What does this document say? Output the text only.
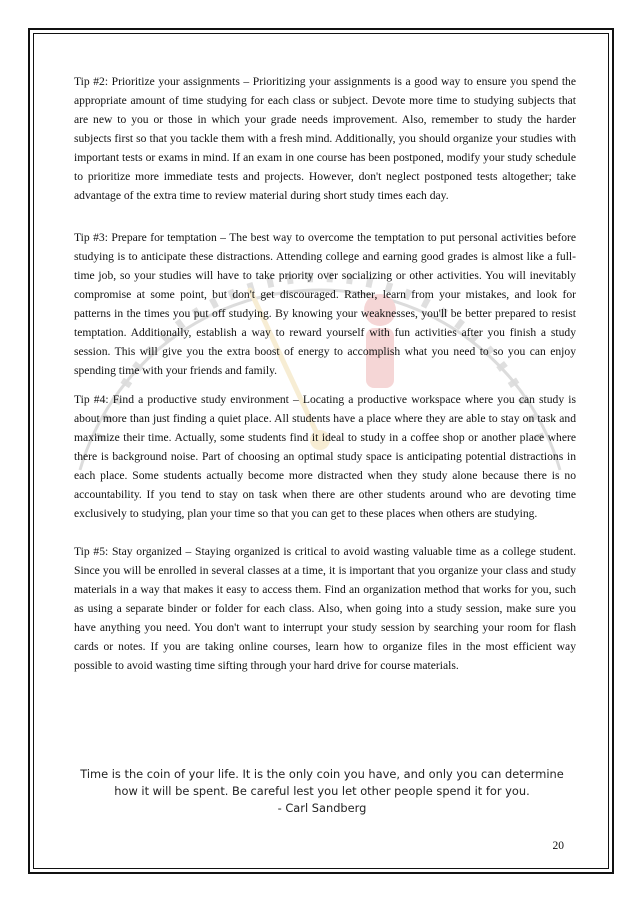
Tip #2: Prioritize your assignments – Prioritizing your assignments is a good way to ensure you spend the appropriate amount of time studying for each class or subject. Devote more time to studying subjects that are new to you or those in which your grade needs improvement. Also, remember to study the harder subjects first so that you tackle them with a fresh mind. Additionally, you should organize your studies with important tests or exams in mind. If an exam in one course has been postponed, modify your study schedule to prioritize more immediate tests and projects. However, don't neglect postponed tests altogether; take advantage of the extra time to review material during short study times each day.

Tip #3: Prepare for temptation – The best way to overcome the temptation to put personal activities before studying is to anticipate these distractions. Attending college and earning good grades is almost like a full-time job, so your studies will have to take priority over socializing or other activities. You will inevitably compromise at some point, but don't get discouraged. Rather, learn from your mistakes, and look for patterns in the times you put off studying. By knowing your weaknesses, you'll be better prepared to resist temptation. Additionally, establish a way to reward yourself with fun activities after you finish a study session. This will give you the extra boost of energy to accomplish what you need to so you can enjoy spending time with your friends and family.

Tip #4: Find a productive study environment – Locating a productive workspace where you can study is about more than just finding a quiet place. All students have a place where they are able to stay on task and maximize their time. Actually, some students find it ideal to study in a coffee shop or another place where there is background noise. Part of choosing an optimal study space is anticipating potential distractions in each place. Some students actually become more distracted when they study alone because there is no accountability. If you tend to stay on task when there are other students around who are devoting time exclusively to studying, plan your time so that you can get to these places when others are studying.

Tip #5: Stay organized – Staying organized is critical to avoid wasting valuable time as a college student. Since you will be enrolled in several classes at a time, it is important that you organize your class and study materials in a way that makes it easy to access them. Find an organization method that works for you, such as using a separate binder or folder for each class. Also, when going into a study session, make sure you have anything you need. You don't want to interrupt your study session by searching your room for flash cards or notes. If you are taking online courses, learn how to organize files in the most efficient way possible to avoid wasting time sifting through your hard drive for course materials.

Time is the coin of your life. It is the only coin you have, and only you can determine

how it will be spent. Be careful lest you let other people spend it for you.

- Carl Sandberg

20
